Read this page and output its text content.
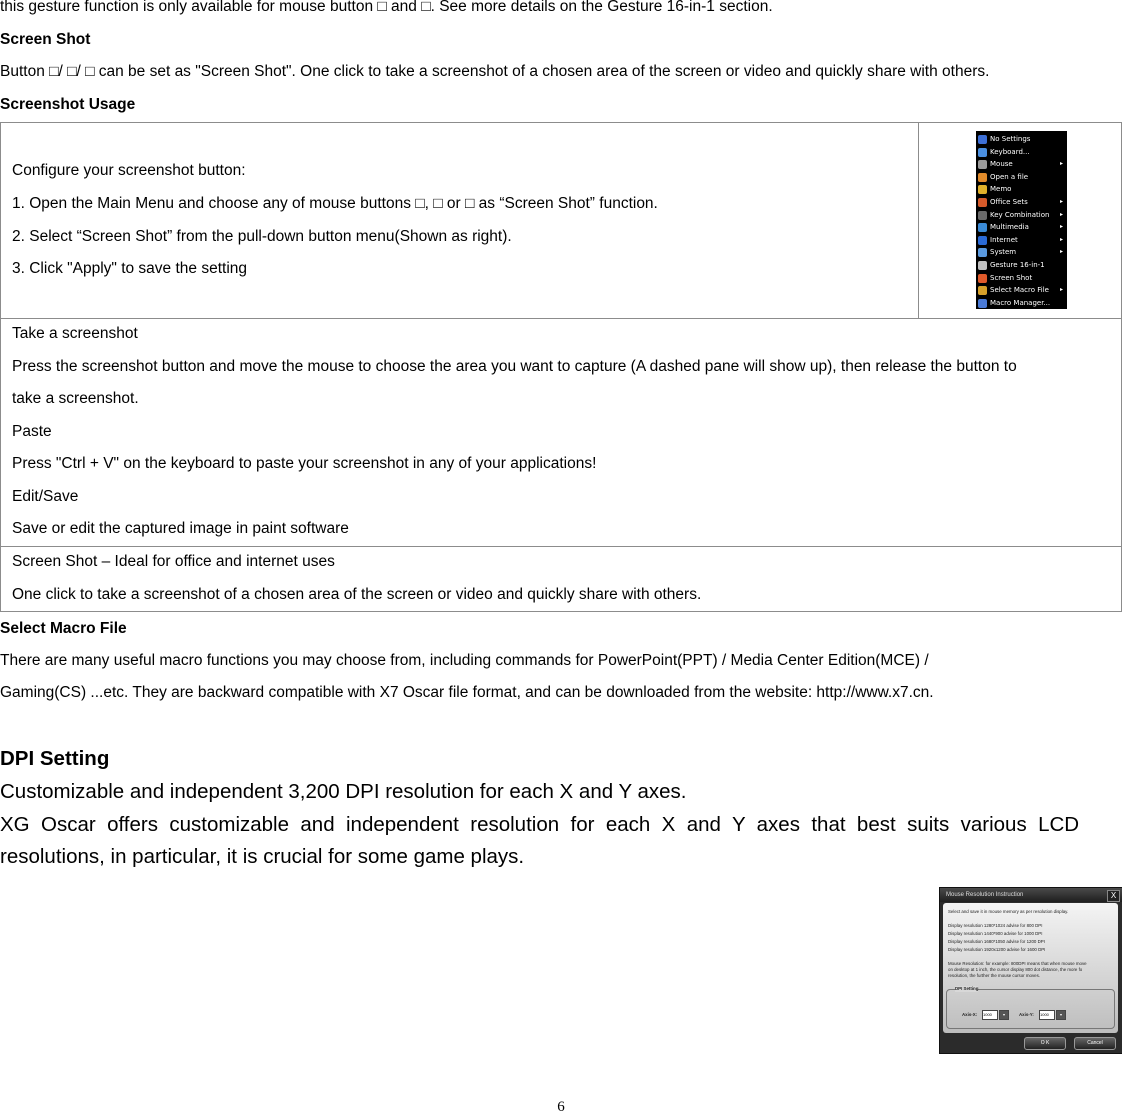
this gesture function is only available for mouse button □ and □. See more details on the Gesture 16-in-1 section.
Screen Shot
Button □/ □/ □ can be set as "Screen Shot". One click to take a screenshot of a chosen area of the screen or video and quickly share with others.
Screenshot Usage
Configure your screenshot button:
1. Open the Main Menu and choose any of mouse buttons □, □ or □ as “Screen Shot” function.
2. Select “Screen Shot” from the pull-down button menu(Shown as right).
3. Click "Apply" to save the setting

No Settings
Keyboard...
Mouse	▸
Open a file
Memo
Office Sets	▸
Key Combination ▸
Multimedia	▸
Internet	▸
System	▸
Gesture 16-in-1
Screen Shot
Select Macro File ▸
Macro Manager...

Take a screenshot
Press the screenshot button and move the mouse to choose the area you want to capture (A dashed pane will show up), then release the button to
take a screenshot.
Paste
Press "Ctrl + V" on the keyboard to paste your screenshot in any of your applications!
Edit/Save
Save or edit the captured image in paint software

Screen Shot – Ideal for office and internet uses
One click to take a screenshot of a chosen area of the screen or video and quickly share with others.
Select Macro File
There are many useful macro functions you may choose from, including commands for PowerPoint(PPT) / Media Center Edition(MCE) /
Gaming(CS) ...etc. They are backward compatible with X7 Oscar file format, and can be downloaded from the website: http://www.x7.cn.
DPI Setting
Customizable and independent 3,200 DPI resolution for each X and Y axes.
XG  Oscar  offers  customizable  and  independent  resolution  for  each  X  and  Y  axes  that  best  suits  various  LCD
resolutions, in particular, it is crucial for some game plays.
Mouse Resolution Instruction	X
Select and save it in mouse memory as per resolution display.
Display resolution 1280*1024 advise for 800 DPI
Display resolution 1440*900 advise for 1000 DPI
Display resolution 1680*1050 advise for 1200 DPI
Display resolution 1920x1200 advise for 1600 DPI
Mouse Resolution: for example: 800DPI means that when mouse move
on desktop at 1 inch, the cursor display 800 dot distance, the more fo
resolution, the further the mouse cursor moves.
DPI Setting
Axis-X: 1000	▾	Axis-Y: 1000	▾
O K	Cancel
6
